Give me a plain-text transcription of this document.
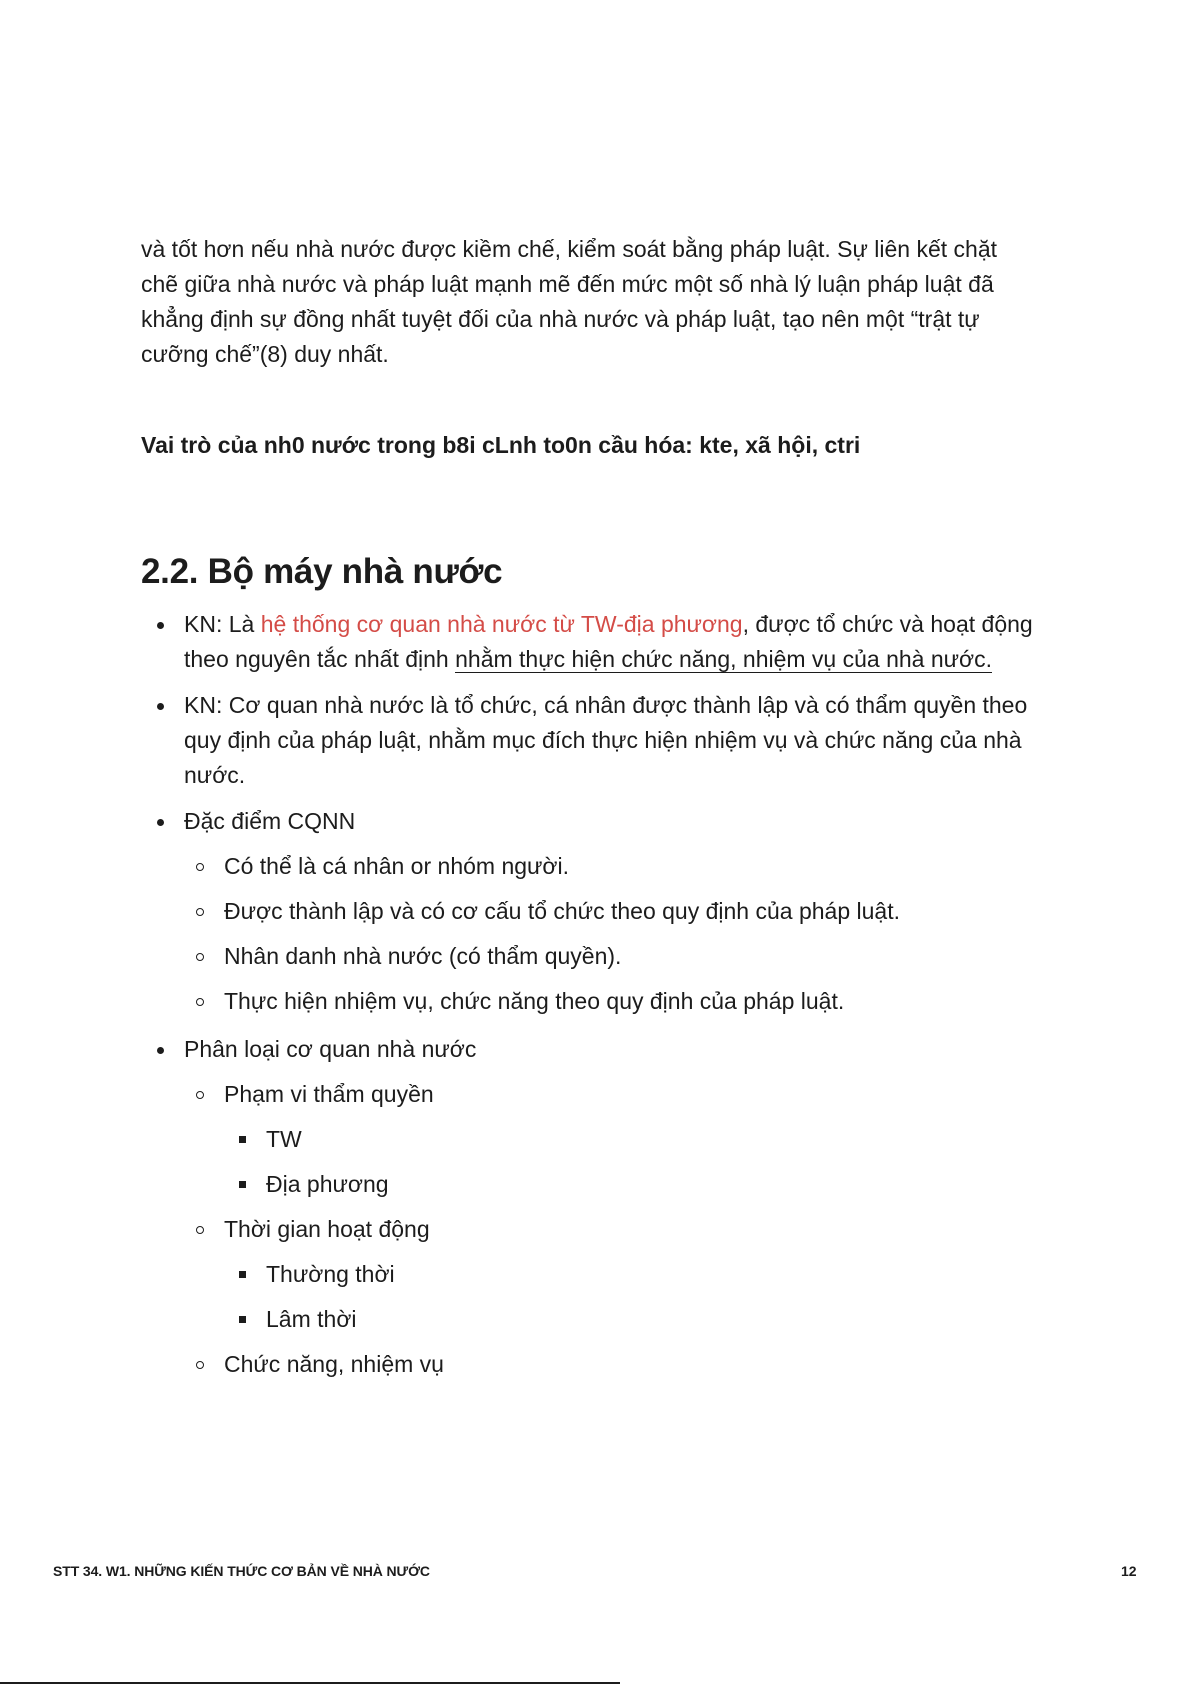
và tốt hơn nếu nhà nước được kiềm chế, kiểm soát bằng pháp luật. Sự liên kết chặt
chẽ giữa nhà nước và pháp luật mạnh mẽ đến mức một số nhà lý luận pháp luật đã
khẳng định sự đồng nhất tuyệt đối của nhà nước và pháp luật, tạo nên một “trật tự
cưỡng chế”(8) duy nhất.

Vai trò của nh0 nước trong b8i cLnh to0n cầu hóa: kte, xã hội, ctri

2.2. Bộ máy nhà nước
KN: Là hệ thống cơ quan nhà nước từ TW-địa phương, được tổ chức và hoạt động theo nguyên tắc nhất định nhằm thực hiện chức năng, nhiệm vụ của nhà nước.
KN: Cơ quan nhà nước là tổ chức, cá nhân được thành lập và có thẩm quyền theo quy định của pháp luật, nhằm mục đích thực hiện nhiệm vụ và chức năng của nhà nước.
Đặc điểm CQNN
Có thể là cá nhân or nhóm người.
Được thành lập và có cơ cấu tổ chức theo quy định của pháp luật.
Nhân danh nhà nước (có thẩm quyền).
Thực hiện nhiệm vụ, chức năng theo quy định của pháp luật.
Phân loại cơ quan nhà nước
Phạm vi thẩm quyền
TW
Địa phương
Thời gian hoạt động
Thường thời
Lâm thời
Chức năng, nhiệm vụ
STT 34. W1. NHỮNG KIẾN THỨC CƠ BẢN VỀ NHÀ NƯỚC	12
